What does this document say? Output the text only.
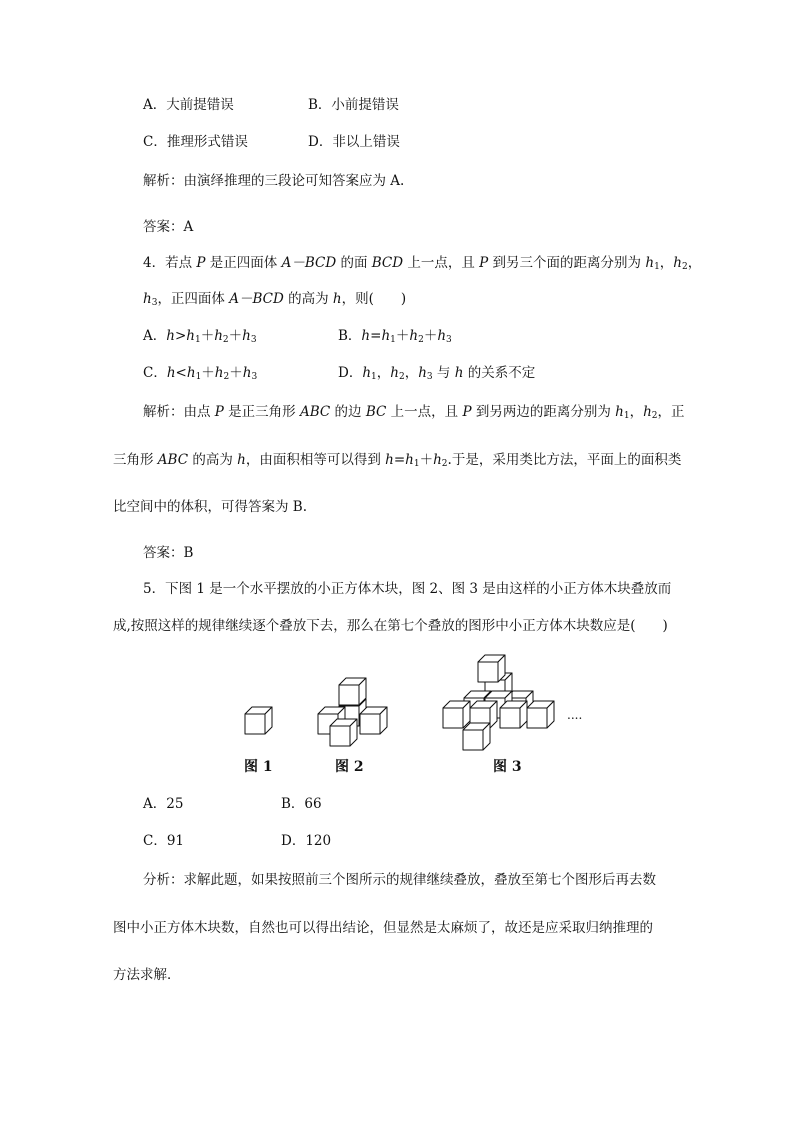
A．大前提错误	B．小前提错误
C．推理形式错误	D．非以上错误
解析：由演绎推理的三段论可知答案应为 A.
答案：A
4．若点 P 是正四面体 A－BCD 的面 BCD 上一点，且 P 到另三个面的距离分别为 $h_1$，$h_2$，
$h_3$，正四面体 A－BCD 的高为 h，则(　　)
A．$h>h_1+h_2+h_3$	B．$h=h_1+h_2+h_3$
C．$h<h_1+h_2+h_3$	D．$h_1$，$h_2$，$h_3$ 与 h 的关系不定
解析：由点 P 是正三角形 ABC 的边 BC 上一点，且 P 到另两边的距离分别为 $h_1$，$h_2$，正
三角形 ABC 的高为 h，由面积相等可以得到 $h=h_1+h_2$.于是，采用类比方法，平面上的面积类
比空间中的体积，可得答案为 B.
答案：B
5．下图 1 是一个水平摆放的小正方体木块，图 2、图 3 是由这样的小正方体木块叠放而
成,按照这样的规律继续逐个叠放下去，那么在第七个叠放的图形中小正方体木块数应是(　　)
图 1	图 2	图 3
....
A．25	B．66
C．91	D．120
分析：求解此题，如果按照前三个图所示的规律继续叠放，叠放至第七个图形后再去数
图中小正方体木块数，自然也可以得出结论，但显然是太麻烦了，故还是应采取归纳推理的
方法求解．
